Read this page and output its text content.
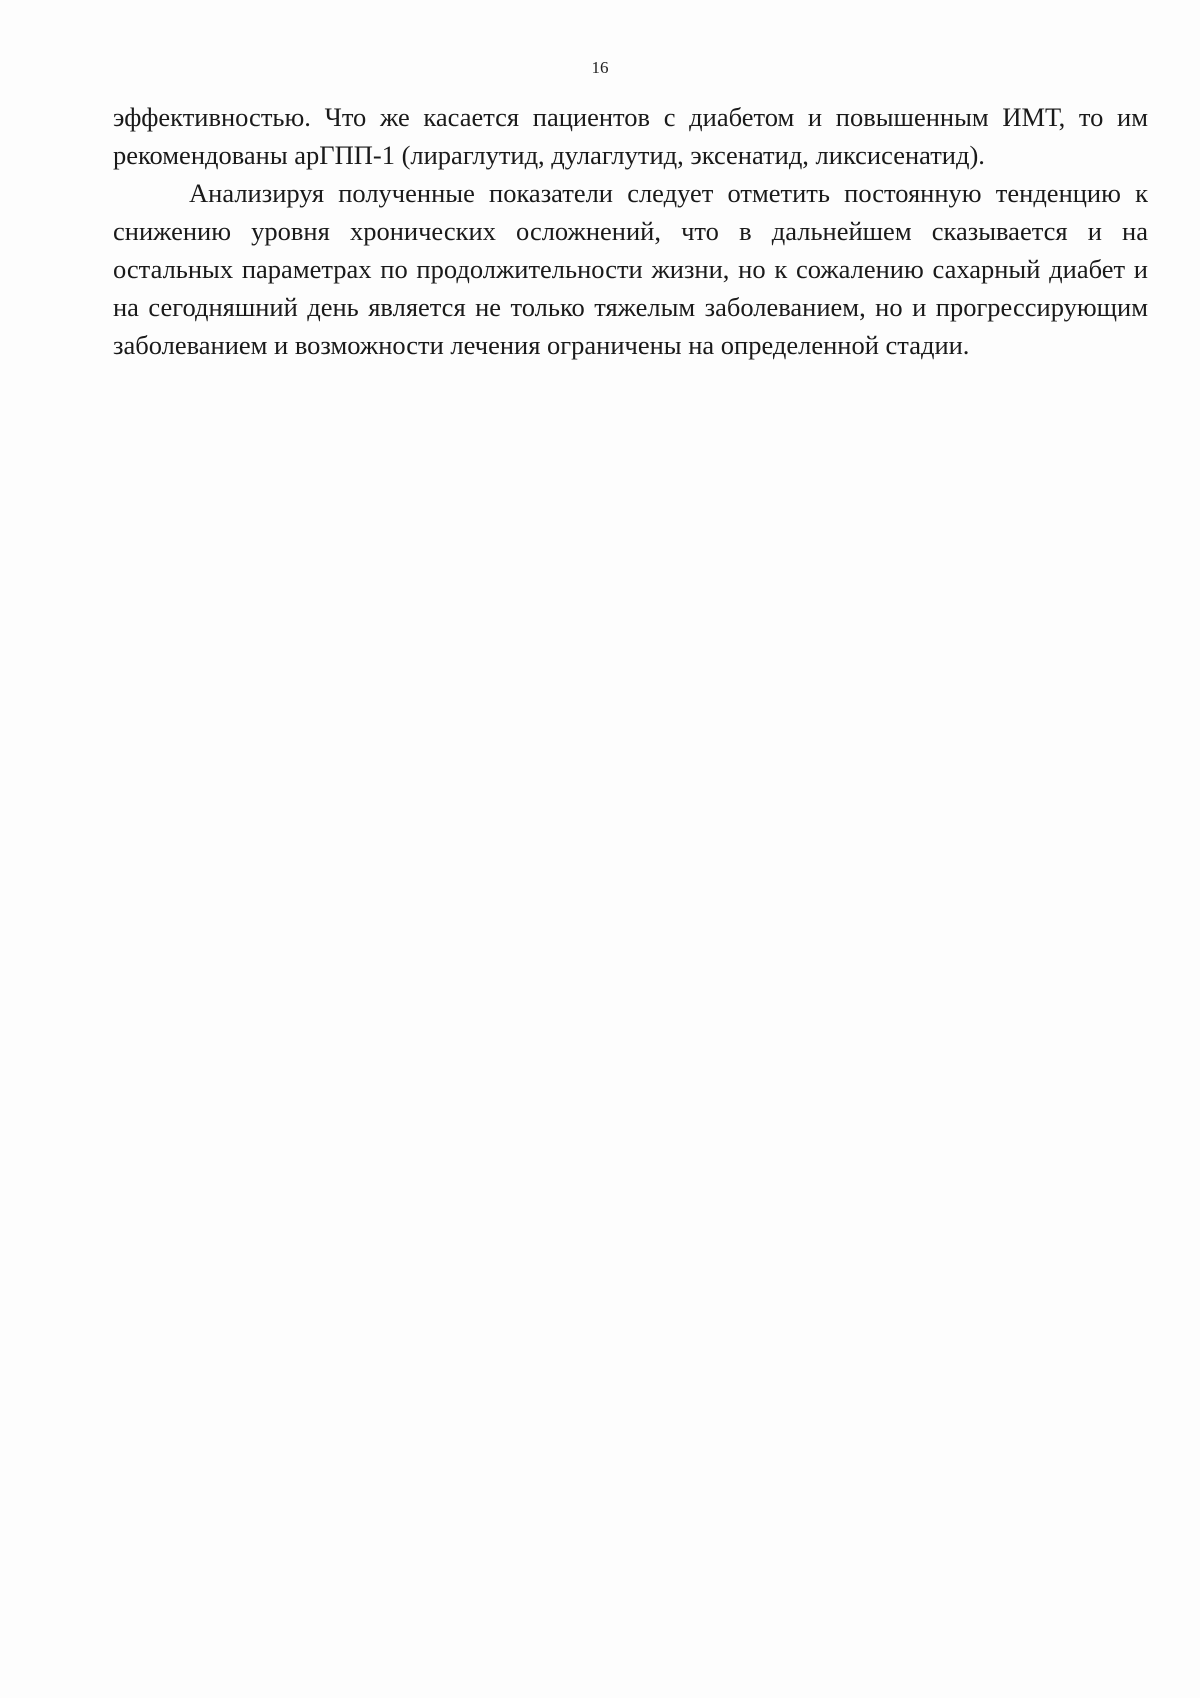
16

эффективностью. Что же касается пациентов с диабетом и повышенным ИМТ, то им рекомендованы арГПП-1 (лираглутид, дулаглутид, эксенатид, ликсисенатид).

Анализируя полученные показатели следует отметить постоянную тенденцию к снижению уровня хронических осложнений, что в дальнейшем сказывается и на остальных параметрах по продолжительности жизни, но к сожалению сахарный диабет и на сегодняшний день является не только тяжелым заболеванием, но и прогрессирующим заболеванием и возможности лечения ограничены на определенной стадии.
